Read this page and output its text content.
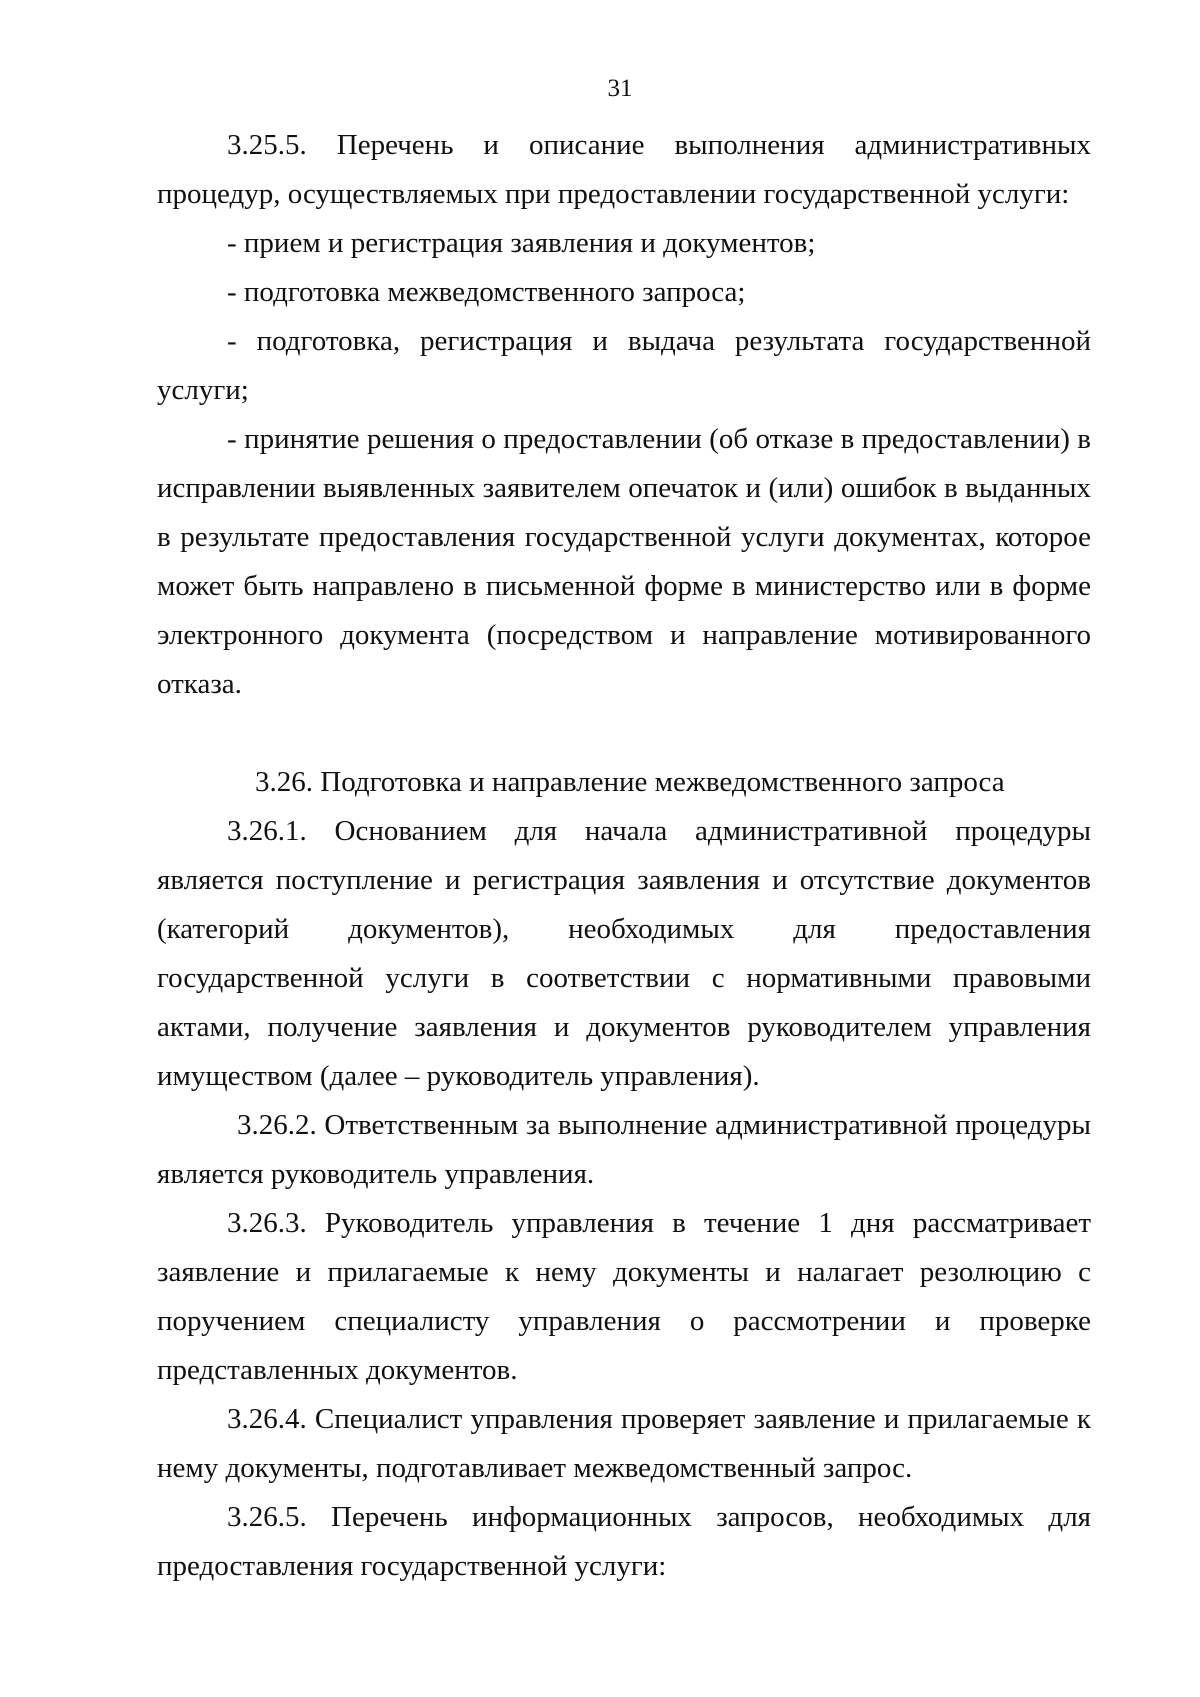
31

3.25.5. Перечень и описание выполнения административных процедур, осуществляемых при предоставлении государственной услуги:

- прием и регистрация заявления и документов;

- подготовка межведомственного запроса;

- подготовка, регистрация и выдача результата государственной услуги;

- принятие решения о предоставлении (об отказе в предоставлении) в исправлении выявленных заявителем опечаток и (или) ошибок в выданных в результате предоставления государственной услуги документах, которое может быть направлено в письменной форме в министерство или в форме электронного документа (посредством и направление мотивированного отказа.

3.26. Подготовка и направление межведомственного запроса

3.26.1. Основанием для начала административной процедуры является поступление и регистрация заявления и отсутствие документов (категорий документов), необходимых для предоставления государственной услуги в соответствии с нормативными правовыми актами, получение заявления и документов руководителем управления имуществом (далее – руководитель управления).

3.26.2. Ответственным за выполнение административной процедуры является руководитель управления.

3.26.3. Руководитель управления в течение 1 дня рассматривает заявление и прилагаемые к нему документы и налагает резолюцию с поручением специалисту управления о рассмотрении и проверке представленных документов.

3.26.4. Специалист управления проверяет заявление и прилагаемые к нему документы, подготавливает межведомственный запрос.

3.26.5. Перечень информационных запросов, необходимых для предоставления государственной услуги:
